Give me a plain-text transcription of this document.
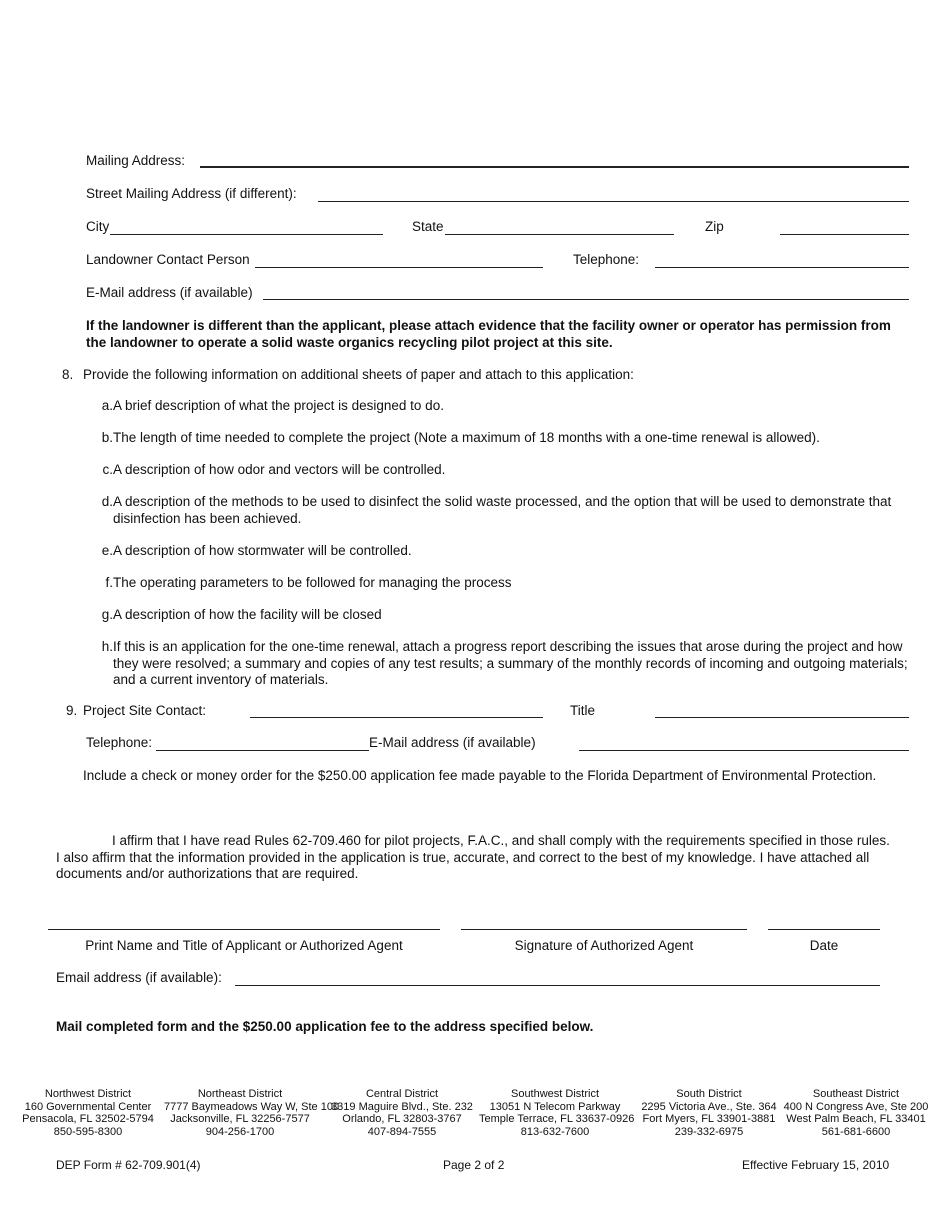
Mailing Address:
Street Mailing Address (if different):
City	State	Zip
Landowner Contact Person	Telephone:
E-Mail address (if available)
If the landowner is different than the applicant, please attach evidence that the facility owner or operator has permission from the landowner to operate a solid waste organics recycling pilot project at this site.
8. Provide the following information on additional sheets of paper and attach to this application:
a. A brief description of what the project is designed to do.
b. The length of time needed to complete the project (Note a maximum of 18 months with a one-time renewal is allowed).
c. A description of how odor and vectors will be controlled.
d. A description of the methods to be used to disinfect the solid waste processed, and the option that will be used to demonstrate that disinfection has been achieved.
e. A description of how stormwater will be controlled.
f. The operating parameters to be followed for managing the process
g. A description of how the facility will be closed
h. If this is an application for the one-time renewal, attach a progress report describing the issues that arose during the project and how they were resolved; a summary and copies of any test results; a summary of the monthly records of incoming and outgoing materials; and a current inventory of materials.
9. Project Site Contact:	Title
Telephone:	E-Mail address (if available)
Include a check or money order for the $250.00 application fee made payable to the Florida Department of Environmental Protection.
I affirm that I have read Rules 62-709.460 for pilot projects, F.A.C., and shall comply with the requirements specified in those rules. I also affirm that the information provided in the application is true, accurate, and correct to the best of my knowledge. I have attached all documents and/or authorizations that are required.
Print Name and Title of Applicant or Authorized Agent	Signature of Authorized Agent	Date
Email address (if available):
Mail completed form and the $250.00 application fee to the address specified below.
Northwest District
160 Governmental Center
Pensacola, FL 32502-5794
850-595-8300
Northeast District
7777 Baymeadows Way W, Ste 100
Jacksonville, FL 32256-7577
904-256-1700
Central District
3319 Maguire Blvd., Ste. 232
Orlando, FL 32803-3767
407-894-7555
Southwest District
13051 N Telecom Parkway
Temple Terrace, FL 33637-0926
813-632-7600
South District
2295 Victoria Ave., Ste. 364
Fort Myers, FL 33901-3881
239-332-6975
Southeast District
400 N Congress Ave, Ste 200
West Palm Beach, FL 33401
561-681-6600
DEP Form # 62-709.901(4)	Page 2 of 2	Effective February 15, 2010
